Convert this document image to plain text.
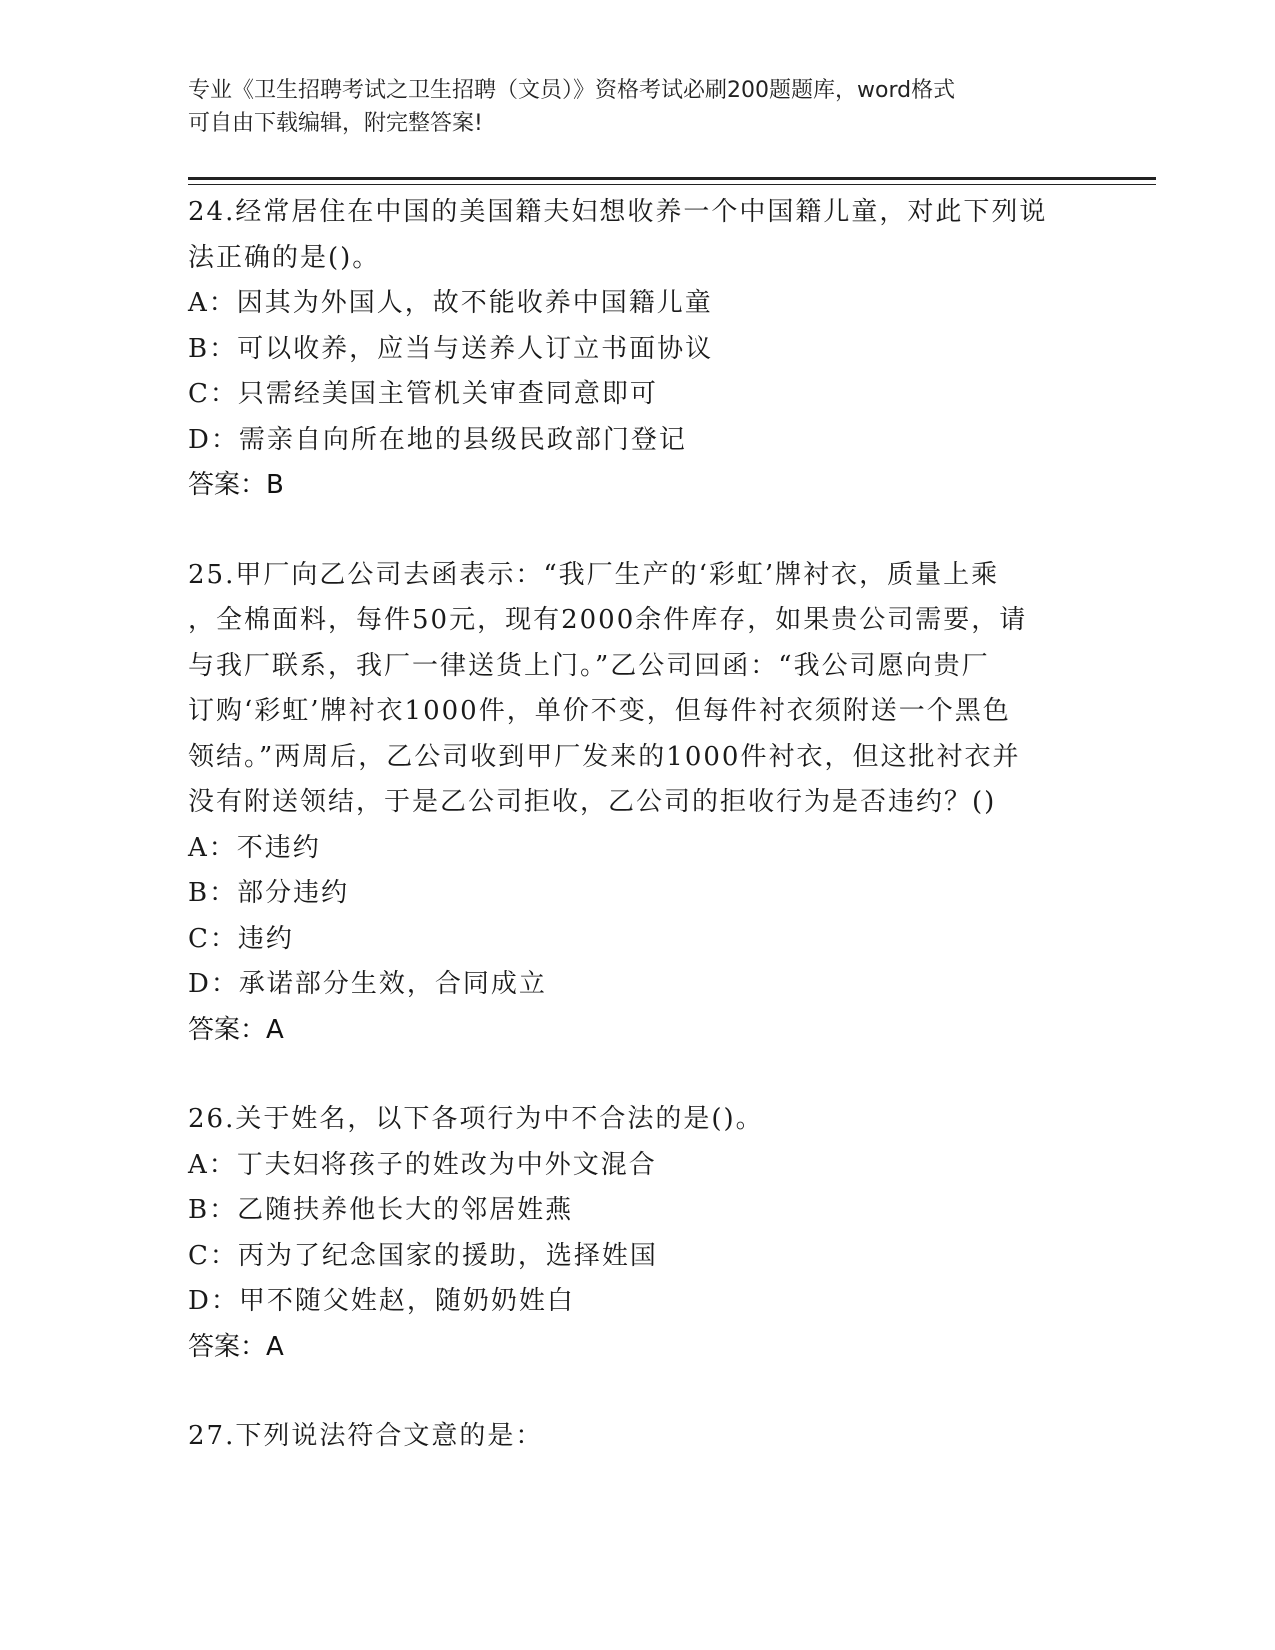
专业《卫生招聘考试之卫生招聘（文员）》资格考试必刷200题题库，word格式
可自由下载编辑，附完整答案!
24.经常居住在中国的美国籍夫妇想收养一个中国籍儿童，对此下列说
法正确的是()。
A：因其为外国人，故不能收养中国籍儿童
B：可以收养，应当与送养人订立书面协议
C：只需经美国主管机关审查同意即可
D：需亲自向所在地的县级民政部门登记
答案：B
25.甲厂向乙公司去函表示：“我厂生产的‘彩虹’牌衬衣，质量上乘
，全棉面料，每件50元，现有2000余件库存，如果贵公司需要，请
与我厂联系，我厂一律送货上门。”乙公司回函：“我公司愿向贵厂
订购‘彩虹’牌衬衣1000件，单价不变，但每件衬衣须附送一个黑色
领结。”两周后，乙公司收到甲厂发来的1000件衬衣，但这批衬衣并
没有附送领结，于是乙公司拒收，乙公司的拒收行为是否违约？()
A：不违约
B：部分违约
C：违约
D：承诺部分生效，合同成立
答案：A
26.关于姓名，以下各项行为中不合法的是()。
A：丁夫妇将孩子的姓改为中外文混合
B：乙随扶养他长大的邻居姓燕
C：丙为了纪念国家的援助，选择姓国
D：甲不随父姓赵，随奶奶姓白
答案：A
27.下列说法符合文意的是：
